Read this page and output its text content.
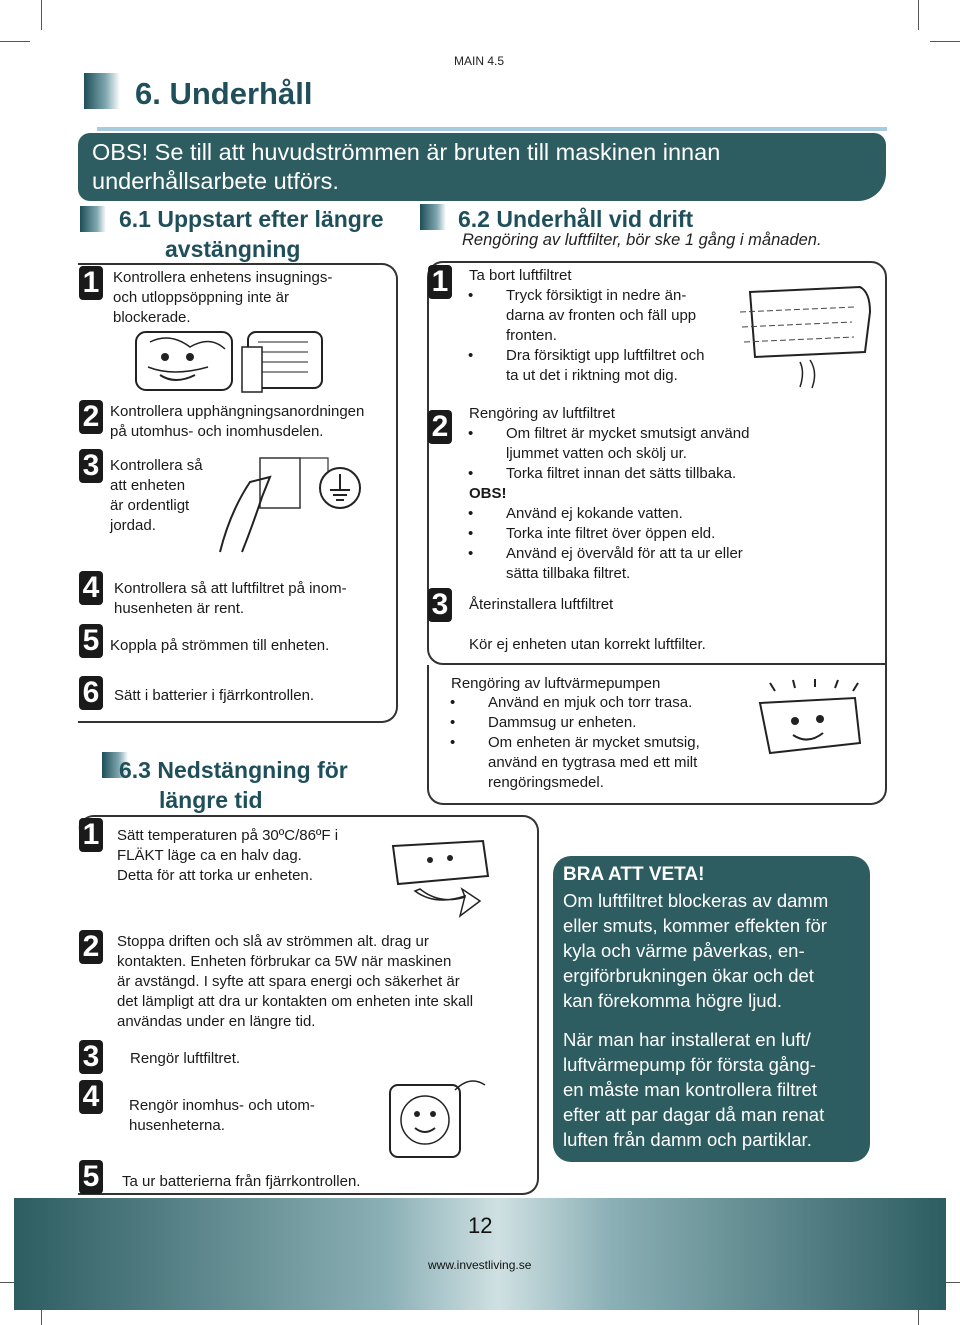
6. Underhåll
MAIN 4.5
OBS! Se till att huvudströmmen är bruten till maskinen innan
underhållsarbete utförs.
6.1 Uppstart efter längre
avstängning
1 Kontrollera enhetens insugnings-
och utloppsöppning inte är
blockerade.
2 Kontrollera upphängningsanordningen
på utomhus- och inomhusdelen.
3 Kontrollera så
att enheten
är ordentligt
jordad.
4 Kontrollera så att luftfiltret på inom-
husenheten är rent.
5 Koppla på strömmen till enheten.
6 Sätt i batterier i fjärrkontrollen.
6.2 Underhåll vid drift
Rengöring av luftfilter, bör ske 1 gång i månaden.
1 Ta bort luftfiltret
• Tryck försiktigt in nedre än-
darna av fronten och fäll upp
fronten.
• Dra försiktigt upp luftfiltret och
ta ut det i riktning mot dig.
2 Rengöring av luftfiltret
• Om filtret är mycket smutsigt använd
ljummet vatten och skölj ur.
• Torka filtret innan det sätts tillbaka.
OBS!
• Använd ej kokande vatten.
• Torka inte filtret över öppen eld.
• Använd ej övervåld för att ta ur eller
sätta tillbaka filtret.
3 Återinstallera luftfiltret
Kör ej enheten utan korrekt luftfilter.
Rengöring av luftvärmepumpen
• Använd en mjuk och torr trasa.
• Dammsug ur enheten.
• Om enheten är mycket smutsig,
använd en tygtrasa med ett milt
rengöringsmedel.
6.3 Nedstängning för
längre tid
1 Sätt temperaturen på 30ºC/86ºF i
FLÄKT läge ca en halv dag.
Detta för att torka ur enheten.
2 Stoppa driften och slå av strömmen alt. drag ur
kontakten. Enheten förbrukar ca 5W när maskinen
är avstängd. I syfte att spara energi och säkerhet är
det lämpligt att dra ur kontakten om enheten inte skall
användas under en längre tid.
3 Rengör luftfiltret.
4 Rengör inomhus- och utom-
husenheterna.
5 Ta ur batterierna från fjärrkontrollen.
BRA ATT VETA!

Om luftfiltret blockeras av damm
eller smuts, kommer effekten för
kyla och värme påverkas, en-
ergiförbrukningen ökar och det
kan förekomma högre ljud.

När man har installerat en luft/
luftvärmepump för första gång-
en måste man kontrollera filtret
efter att par dagar då man renat
luften från damm och partiklar.

12
www.investliving.se
